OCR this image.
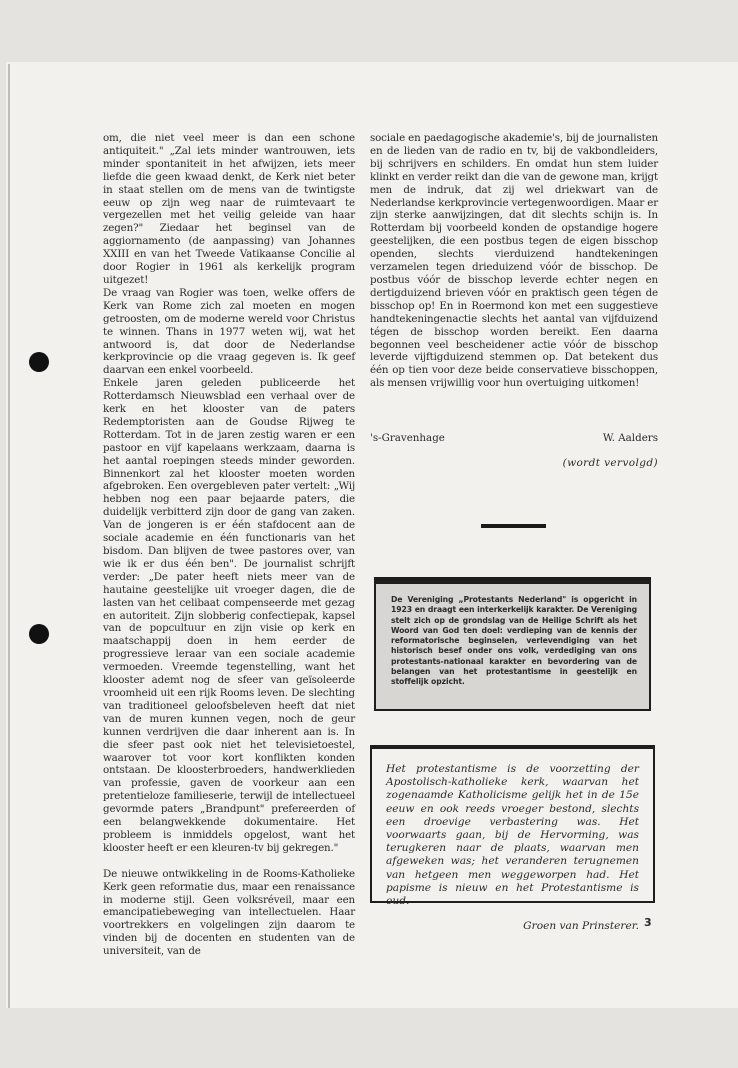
om, die niet veel meer is dan een schone antiquiteit." „Zal iets minder wantrouwen, iets minder spontaniteit in het afwijzen, iets meer liefde die geen kwaad denkt, de Kerk niet beter in staat stellen om de mens van de twintigste eeuw op zijn weg naar de ruimtevaart te vergezellen met het veilig geleide van haar zegen?" Ziedaar het beginsel van de aggiornamento (de aanpassing) van Johannes XXIII en van het Tweede Vatikaanse Concilie al door Rogier in 1961 als kerkelijk program uitgezet!

De vraag van Rogier was toen, welke offers de Kerk van Rome zich zal moeten en mogen getroosten, om de moderne wereld voor Christus te winnen. Thans in 1977 weten wij, wat het antwoord is, dat door de Nederlandse kerkprovincie op die vraag gegeven is. Ik geef daarvan een enkel voorbeeld.

Enkele jaren geleden publiceerde het Rotterdamsch Nieuwsblad een verhaal over de kerk en het klooster van de paters Redemptoristen aan de Goudse Rijweg te Rotterdam. Tot in de jaren zestig waren er een pastoor en vijf kapelaans werkzaam, daarna is het aantal roepingen steeds minder geworden. Binnenkort zal het klooster moeten worden afgebroken. Een overgebleven pater vertelt: „Wij hebben nog een paar bejaarde paters, die duidelijk verbitterd zijn door de gang van zaken. Van de jongeren is er één stafdocent aan de sociale academie en één functionaris van het bisdom. Dan blijven de twee pastores over, van wie ik er dus één ben". De journalist schrijft verder: „De pater heeft niets meer van de hautaine geestelijke uit vroeger dagen, die de lasten van het celibaat compenseerde met gezag en autoriteit. Zijn slobberig confectiepak, kapsel van de popcultuur en zijn visie op kerk en maatschappij doen in hem eerder de progressieve leraar van een sociale academie vermoeden. Vreemde tegenstelling, want het klooster ademt nog de sfeer van geïsoleerde vroomheid uit een rijk Rooms leven. De slechting van traditioneel geloofsbeleven heeft dat niet van de muren kunnen vegen, noch de geur kunnen verdrijven die daar inherent aan is. In die sfeer past ook niet het televisietoestel, waarover tot voor kort konflikten konden ontstaan. De kloosterbroeders, handwerklieden van professie, gaven de voorkeur aan een pretentieloze familieserie, terwijl de intellectueel gevormde paters „Brandpunt" prefereerden of een belangwekkende dokumentaire. Het probleem is inmiddels opgelost, want het klooster heeft er een kleuren-tv bij gekregen."

De nieuwe ontwikkeling in de Rooms-Katholieke Kerk geen reformatie dus, maar een renaissance in moderne stijl. Geen volksréveil, maar een emancipatiebeweging van intellectuelen. Haar voortrekkers en volgelingen zijn daarom te vinden bij de docenten en studenten van de universiteit, van de

sociale en paedagogische akademie's, bij de journalisten en de lieden van de radio en tv, bij de vakbondleiders, bij schrijvers en schilders. En omdat hun stem luider klinkt en verder reikt dan die van de gewone man, krijgt men de indruk, dat zij wel driekwart van de Nederlandse kerkprovincie vertegenwoordigen. Maar er zijn sterke aanwijzingen, dat dit slechts schijn is. In Rotterdam bij voorbeeld konden de opstandige hogere geestelijken, die een postbus tegen de eigen bisschop openden, slechts vierduizend handtekeningen verzamelen tegen drieduizend vóór de bisschop. De postbus vóór de bisschop leverde echter negen en dertigduizend brieven vóór en praktisch geen tégen de bisschop op! En in Roermond kon met een suggestieve handtekeningenactie slechts het aantal van vijfduizend tégen de bisschop worden bereikt. Een daarna begonnen veel bescheidener actie vóór de bisschop leverde vijftigduizend stemmen op. Dat betekent dus één op tien voor deze beide conservatieve bisschoppen, als mensen vrijwillig voor hun overtuiging uitkomen!

's-Gravenhage	W. Aalders
(wordt vervolgd)
De Vereniging „Protestants Nederland" is opgericht in 1923 en draagt een interkerkelijk karakter. De Vereniging stelt zich op de grondslag van de Heilige Schrift als het Woord van God ten doel: verdieping van de kennis der reformatorische beginselen, verlevendiging van het historisch besef onder ons volk, verdediging van ons protestants-nationaal karakter en bevordering van de belangen van het protestantisme in geestelijk en stoffelijk opzicht.
Het protestantisme is de voorzetting der Apostolisch-katholieke kerk, waarvan het zogenaamde Katholicisme gelijk het in de 15e eeuw en ook reeds vroeger bestond, slechts een droevige verbastering was. Het voorwaarts gaan, bij de Hervorming, was terugkeren naar de plaats, waarvan men afgeweken was; het veranderen terugnemen van hetgeen men weggeworpen had. Het papisme is nieuw en het Protestantisme is oud.
Groen van Prinsterer. 3
